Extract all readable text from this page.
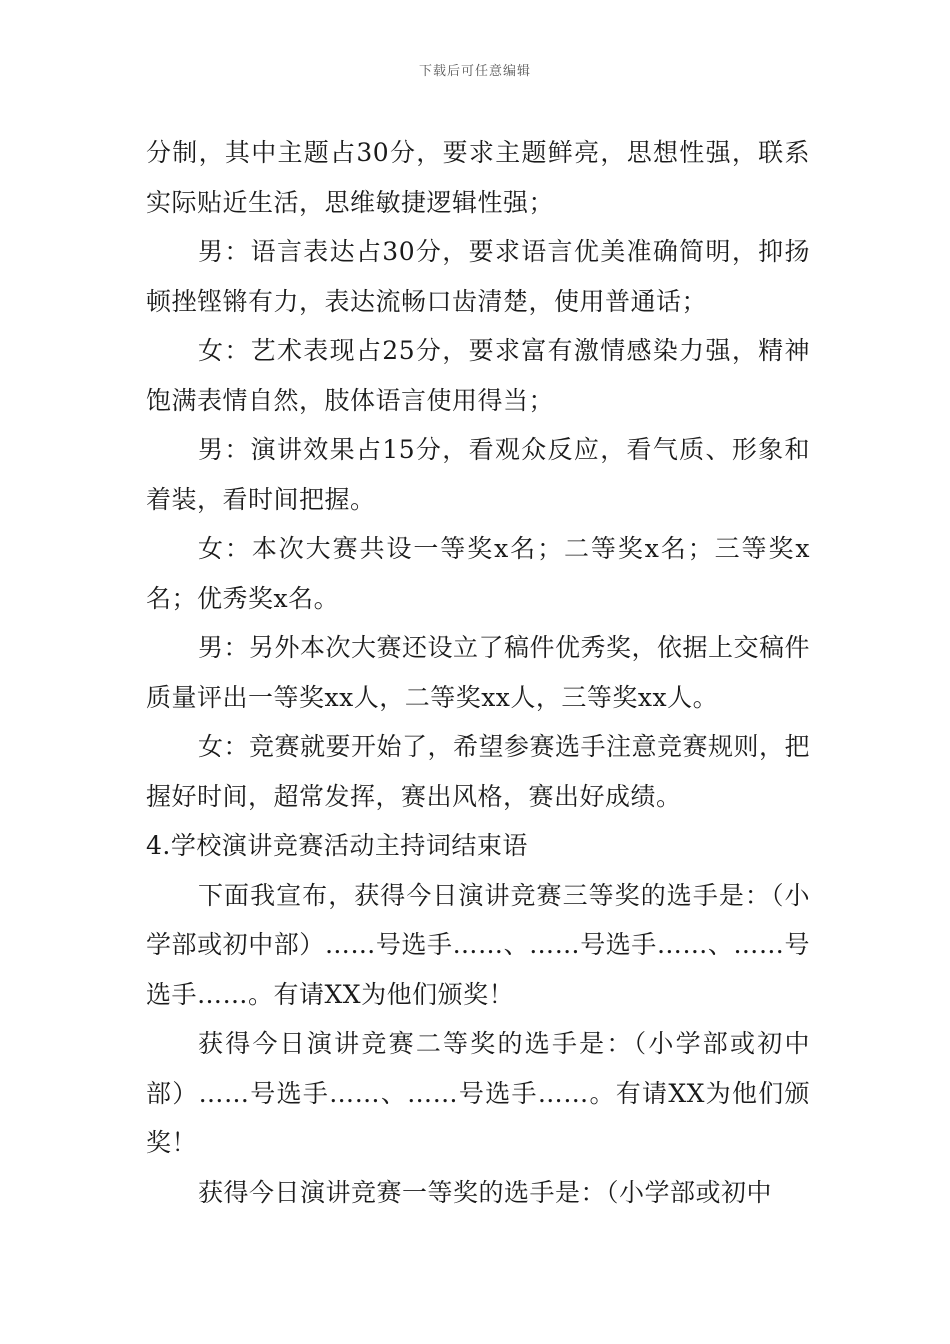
下载后可任意编辑

分制，其中主题占30分，要求主题鲜亮，思想性强，联系实际贴近生活，思维敏捷逻辑性强；

男：语言表达占30分，要求语言优美准确简明，抑扬顿挫铿锵有力，表达流畅口齿清楚，使用普通话；

女：艺术表现占25分，要求富有激情感染力强，精神饱满表情自然，肢体语言使用得当；

男：演讲效果占15分，看观众反应，看气质、形象和着装，看时间把握。

女：本次大赛共设一等奖x名；二等奖x名；三等奖x名；优秀奖x名。

男：另外本次大赛还设立了稿件优秀奖，依据上交稿件质量评出一等奖xx人，二等奖xx人，三等奖xx人。

女：竞赛就要开始了，希望参赛选手注意竞赛规则，把握好时间，超常发挥，赛出风格，赛出好成绩。

4.学校演讲竞赛活动主持词结束语

下面我宣布，获得今日演讲竞赛三等奖的选手是：（小学部或初中部）……号选手……、……号选手……、……号选手……。有请XX为他们颁奖！

获得今日演讲竞赛二等奖的选手是：（小学部或初中部）……号选手……、……号选手……。有请XX为他们颁奖！

获得今日演讲竞赛一等奖的选手是：（小学部或初中
